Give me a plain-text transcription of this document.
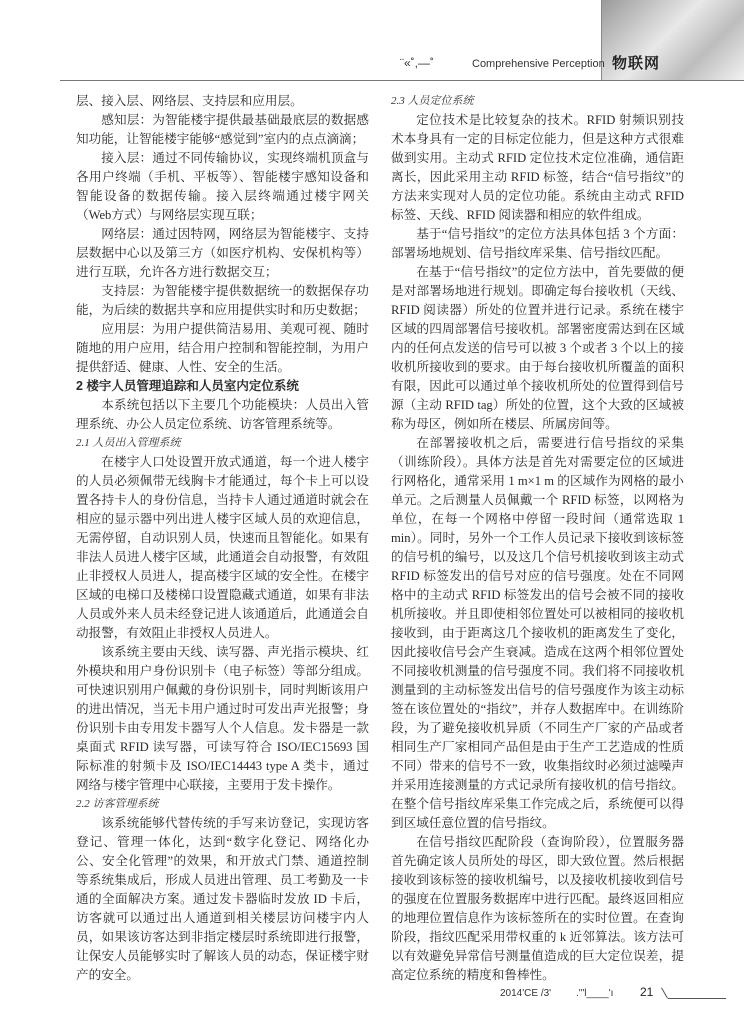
物联网
¨«˚,—˚	Comprehensive Perception

层、接入层、网络层、支持层和应用层。

感知层：为智能楼宇提供最基础最底层的数据感知功能，让智能楼宇能够“感觉到”室内的点点滴滴；

接入层：通过不同传输协议，实现终端机顶盒与各用户终端（手机、平板等）、智能楼宇感知设备和智能设备的数据传输。接入层终端通过楼宇网关（Web方式）与网络层实现互联；

网络层：通过因特网，网络层为智能楼宇、支持层数据中心以及第三方（如医疗机构、安保机构等）进行互联，允许各方进行数据交互；

支持层：为智能楼宇提供数据统一的数据保存功能，为后续的数据共享和应用提供实时和历史数据；

应用层：为用户提供简洁易用、美观可视、随时随地的用户应用，结合用户控制和智能控制，为用户提供舒适、健康、人性、安全的生活。

2 楼宇人员管理追踪和人员室内定位系统

本系统包括以下主要几个功能模块：人员出入管理系统、办公人员定位系统、访客管理系统等。

2.1 人员出入管理系统

在楼宇人口处设置开放式通道，每一个进人楼宇的人员必须佩带无线胸卡才能通过，每个卡上可以设置各持卡人的身份信息，当持卡人通过通道时就会在相应的显示器中列出进人楼宇区域人员的欢迎信息，无需停留，自动识别人员，快速而且智能化。如果有非法人员进人楼宇区域，此通道会自动报警，有效阻止非授权人员进人，提高楼宇区域的安全性。在楼宇区域的电梯口及楼梯口设置隐藏式通道，如果有非法人员或外来人员未经登记进人该通道后，此通道会自动报警，有效阻止非授权人员进人。

该系统主要由天线、读写器、声光指示模块、红外模块和用户身份识别卡（电子标签）等部分组成。可快速识别用户佩戴的身份识别卡，同时判断该用户的进出情况，当无卡用户通过时可发出声光报警；身份识别卡由专用发卡器写人个人信息。发卡器是一款桌面式 RFID 读写器，可读写符合 ISO/IEC15693 国际标准的射频卡及 ISO/IEC14443 type A 类卡，通过网络与楼宇管理中心联接，主要用于发卡操作。

2.2 访客管理系统

该系统能够代替传统的手写来访登记，实现访客登记、管理一体化，达到“数字化登记、网络化办公、安全化管理”的效果，和开放式门禁、通道控制等系统集成后，形成人员进出管理、员工考勤及一卡通的全面解决方案。通过发卡器临时发放 ID 卡后，访客就可以通过出人通道到相关楼层访问楼宇内人员，如果该访客达到非指定楼层时系统即进行报警，让保安人员能够实时了解该人员的动态，保证楼宇财产的安全。

2.3 人员定位系统

定位技术是比较复杂的技术。RFID 射频识别技术本身具有一定的目标定位能力，但是这种方式很难做到实用。主动式 RFID 定位技术定位准确，通信距离长，因此采用主动 RFID 标签，结合“信号指纹”的方法来实现对人员的定位功能。系统由主动式 RFID 标签、天线、RFID 阅读器和相应的软件组成。

基于“信号指纹”的定位方法具体包括 3 个方面：部署场地规划、信号指纹库采集、信号指纹匹配。

在基于“信号指纹”的定位方法中，首先要做的便是对部署场地进行规划。即确定每台接收机（天线、RFID 阅读器）所处的位置并进行记录。系统在楼宇区域的四周部署信号接收机。部署密度需达到在区域内的任何点发送的信号可以被 3 个或者 3 个以上的接收机所接收到的要求。由于每台接收机所覆盖的面积有限，因此可以通过单个接收机所处的位置得到信号源（主动 RFID tag）所处的位置，这个大致的区域被称为母区，例如所在楼层、所属房间等。

在部署接收机之后，需要进行信号指纹的采集（训练阶段）。具体方法是首先对需要定位的区域进行网格化，通常采用 1 m×1 m 的区域作为网格的最小单元。之后测量人员佩戴一个 RFID 标签，以网格为单位，在每一个网格中停留一段时间（通常选取 1 min）。同时，另外一个工作人员记录下接收到该标签的信号机的编号，以及这几个信号机接收到该主动式 RFID 标签发出的信号对应的信号强度。处在不同网格中的主动式 RFID 标签发出的信号会被不同的接收机所接收。并且即使相邻位置处可以被相同的接收机接收到，由于距离这几个接收机的距离发生了变化，因此接收信号会产生衰减。造成在这两个相邻位置处不同接收机测量的信号强度不同。我们将不同接收机测量到的主动标签发出信号的信号强度作为该主动标签在该位置处的“指纹”，并存人数据库中。在训练阶段，为了避免接收机异质（不同生产厂家的产品或者相同生产厂家相同产品但是由于生产工艺造成的性质不同）带来的信号不一致，收集指纹时必须过滤噪声并采用连接测量的方式记录所有接收机的信号指纹。在整个信号指纹库采集工作完成之后，系统便可以得到区域任意位置的信号指纹。

在信号指纹匹配阶段（查询阶段），位置服务器首先确定该人员所处的母区，即大致位置。然后根据接收到该标签的接收机编号，以及接收机接收到信号的强度在位置服务数据库中进行匹配。最终返回相应的地理位置信息作为该标签所在的实时位置。在查询阶段，指纹匹配采用带权重的 k 近邻算法。该方法可以有效避免异常信号测量值造成的巨大定位误差，提高定位系统的精度和鲁棒性。

2014'CE /3' .'"l____'ı 21
